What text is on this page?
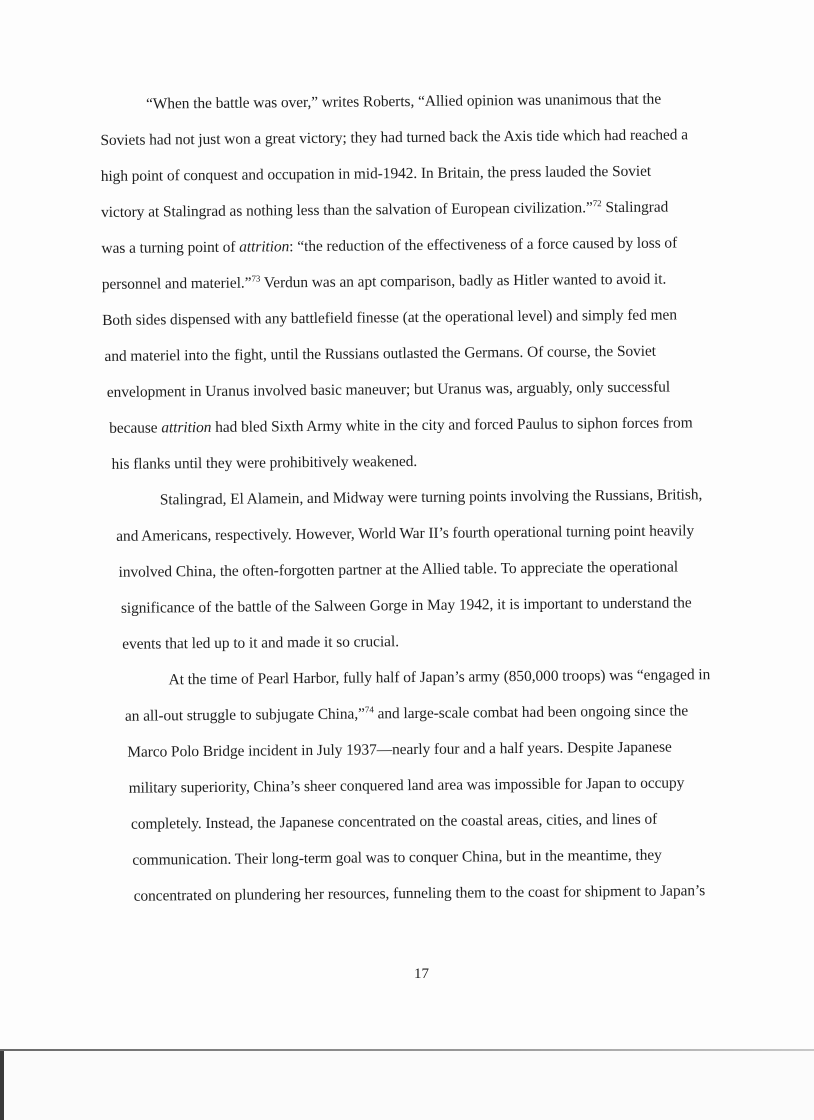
“When the battle was over,” writes Roberts, “Allied opinion was unanimous that the
Soviets had not just won a great victory; they had turned back the Axis tide which had reached a
high point of conquest and occupation in mid-1942. In Britain, the press lauded the Soviet
victory at Stalingrad as nothing less than the salvation of European civilization.”$^{72}$ Stalingrad
was a turning point of attrition: “the reduction of the effectiveness of a force caused by loss of
personnel and materiel.”$^{73}$ Verdun was an apt comparison, badly as Hitler wanted to avoid it.
Both sides dispensed with any battlefield finesse (at the operational level) and simply fed men
and materiel into the fight, until the Russians outlasted the Germans. Of course, the Soviet
envelopment in Uranus involved basic maneuver; but Uranus was, arguably, only successful
because attrition had bled Sixth Army white in the city and forced Paulus to siphon forces from
his flanks until they were prohibitively weakened.
Stalingrad, El Alamein, and Midway were turning points involving the Russians, British,
and Americans, respectively. However, World War II’s fourth operational turning point heavily
involved China, the often-forgotten partner at the Allied table. To appreciate the operational
significance of the battle of the Salween Gorge in May 1942, it is important to understand the
events that led up to it and made it so crucial.
At the time of Pearl Harbor, fully half of Japan’s army (850,000 troops) was “engaged in
an all-out struggle to subjugate China,”$^{74}$ and large-scale combat had been ongoing since the
Marco Polo Bridge incident in July 1937—nearly four and a half years. Despite Japanese
military superiority, China’s sheer conquered land area was impossible for Japan to occupy
completely. Instead, the Japanese concentrated on the coastal areas, cities, and lines of
communication. Their long-term goal was to conquer China, but in the meantime, they
concentrated on plundering her resources, funneling them to the coast for shipment to Japan’s
17
